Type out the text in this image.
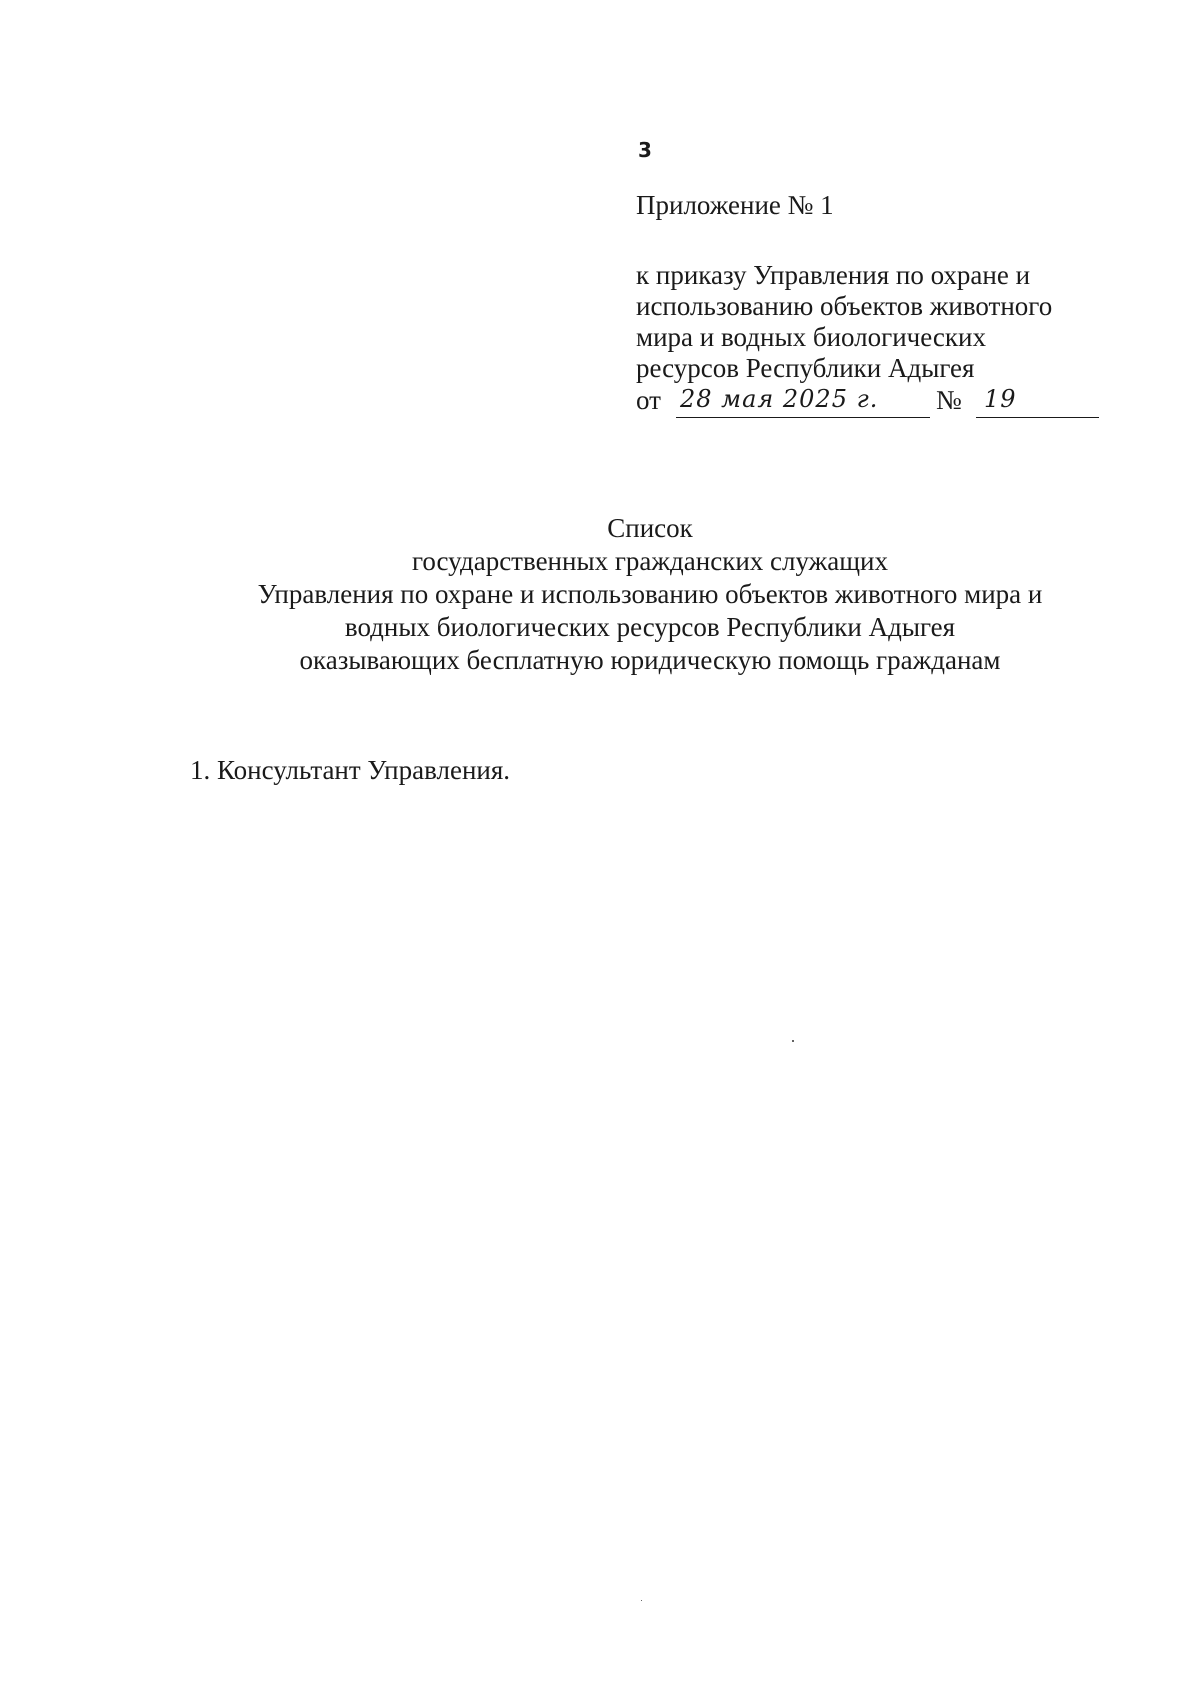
3
Приложение № 1
к приказу Управления по охране и
использованию объектов животного
мира и водных биологических
ресурсов Республики Адыгея
от 28 мая 2025 г.	№ 19
Список
государственных гражданских служащих
Управления по охране и использованию объектов животного мира и
водных биологических ресурсов Республики Адыгея
оказывающих бесплатную юридическую помощь гражданам
1. Консультант Управления.
